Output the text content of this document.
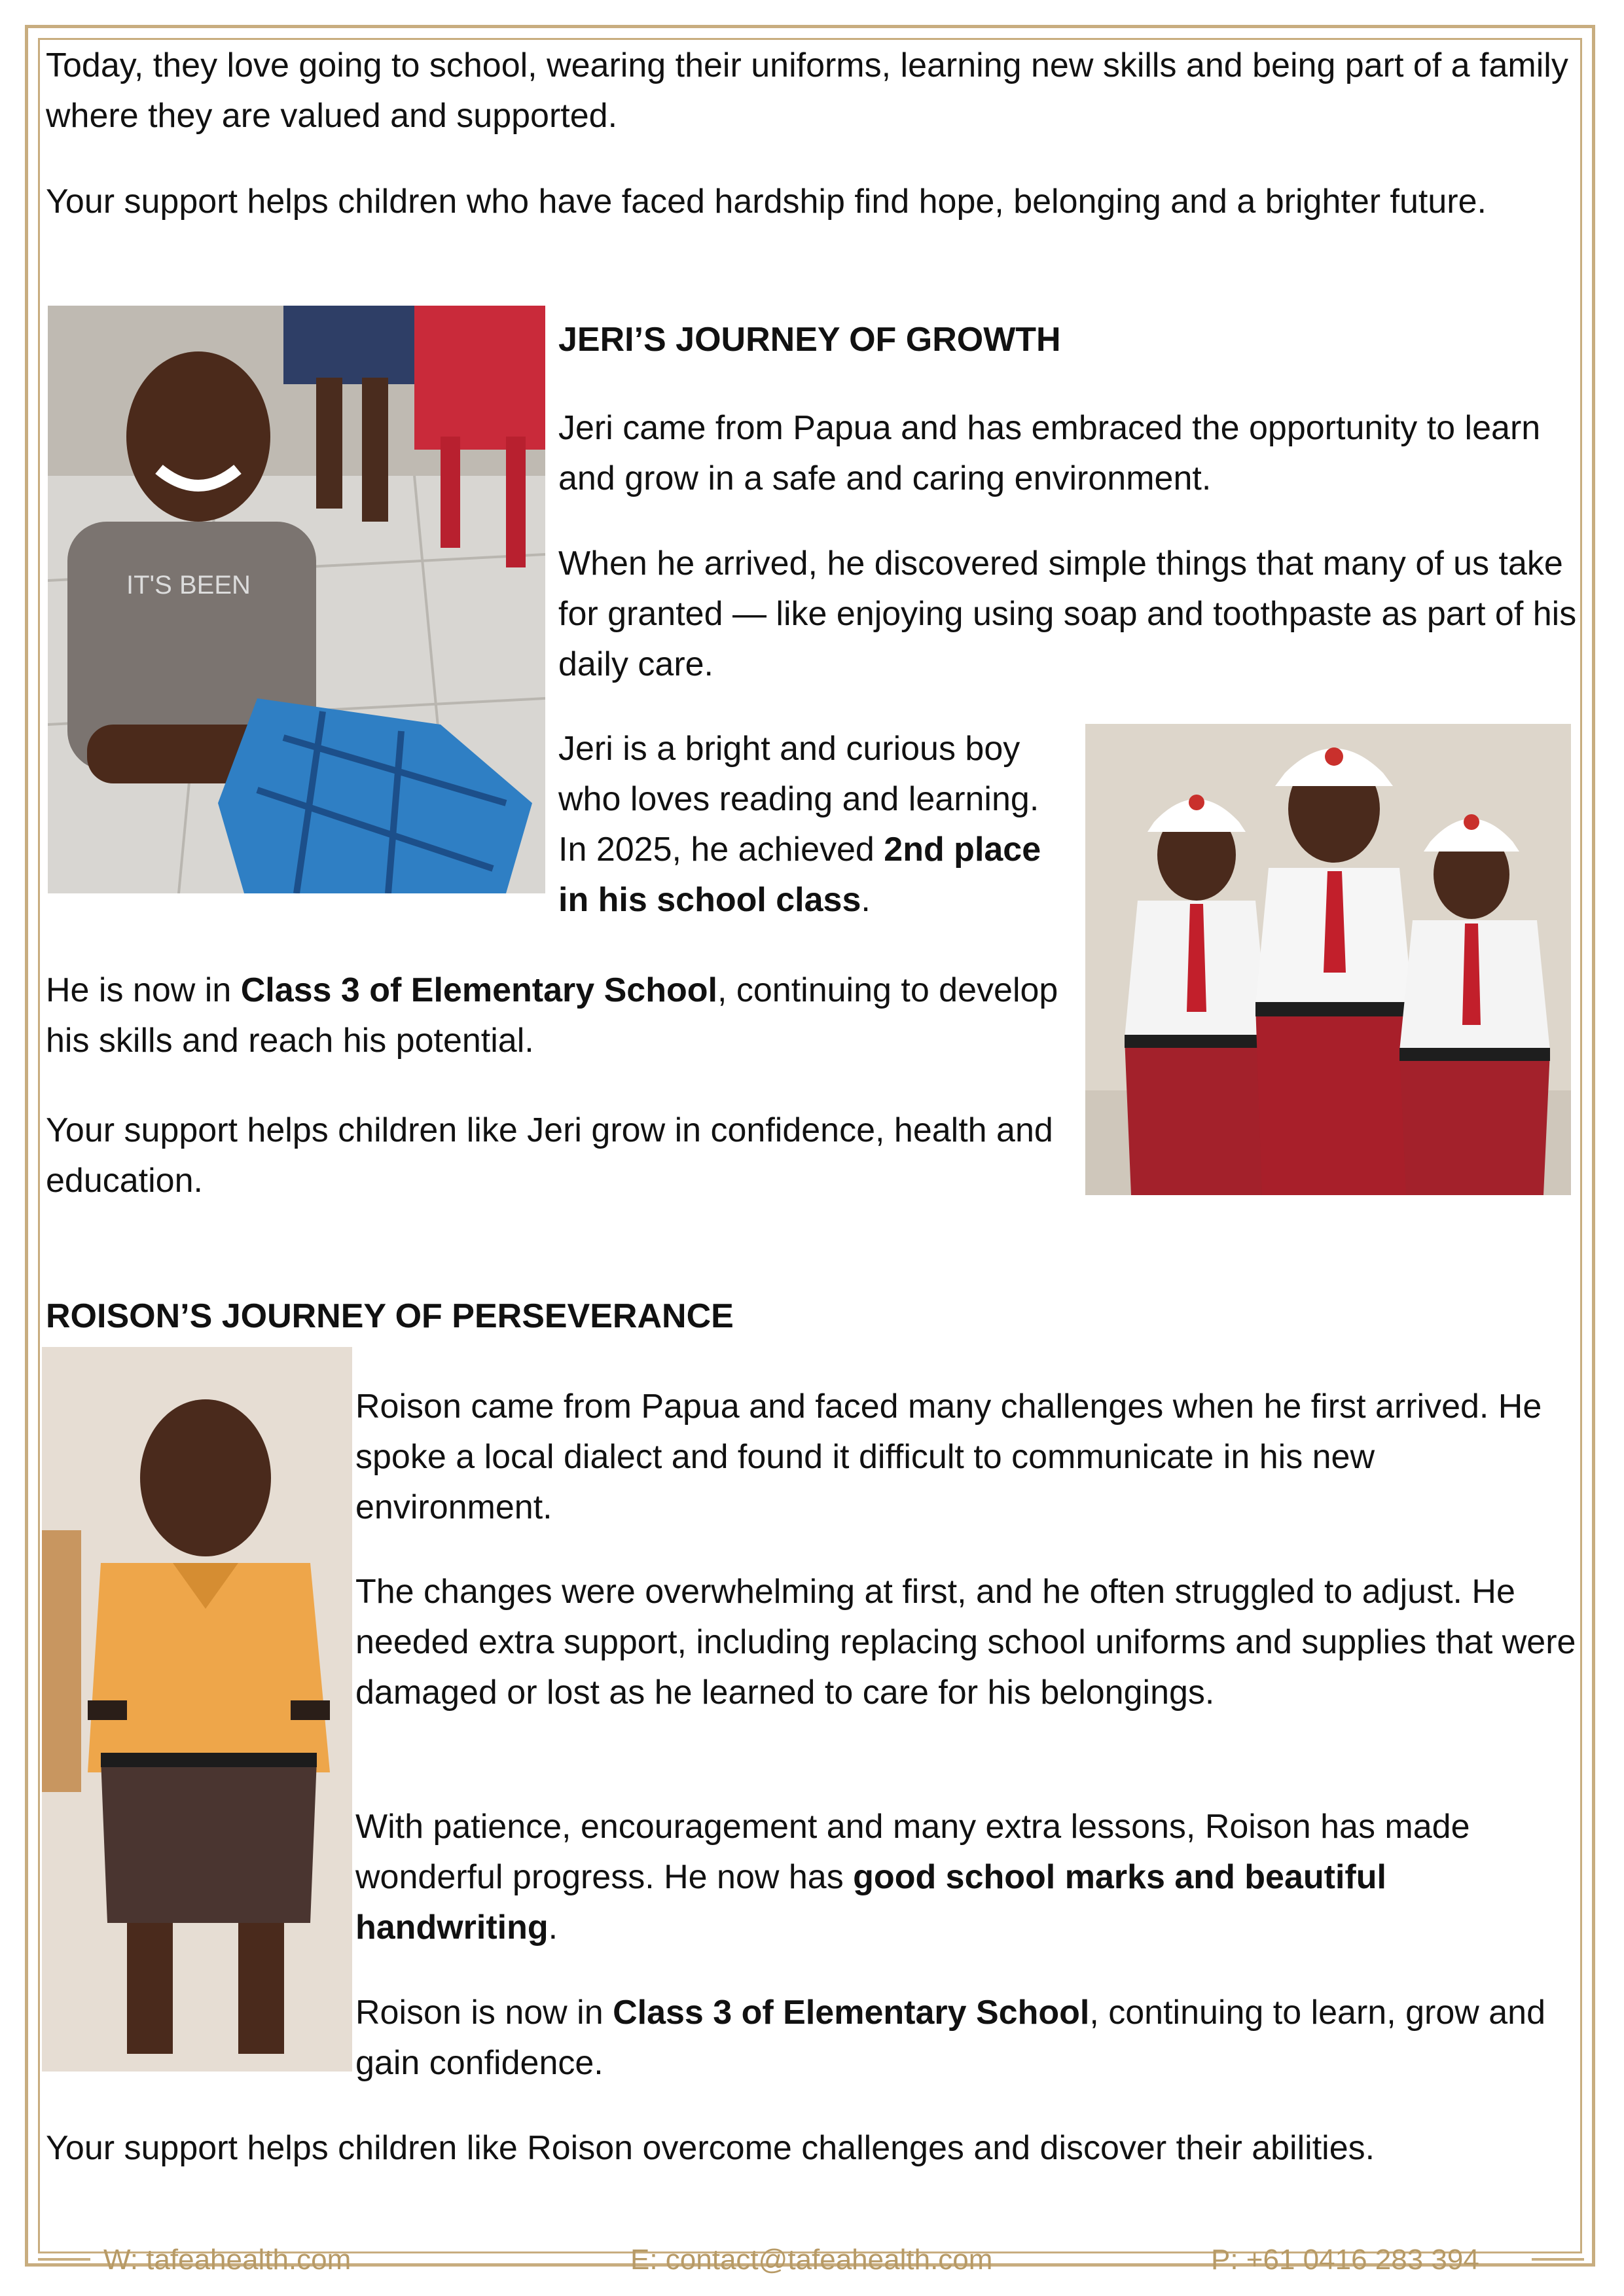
Today, they love going to school, wearing their uniforms, learning new skills and being part of a family where they are valued and supported.

Your support helps children who have faced hardship find hope, belonging and a brighter future.

IT'S BEEN
JERI’S JOURNEY OF GROWTH

Jeri came from Papua and has embraced the opportunity to learn and grow in a safe and caring environment.

When he arrived, he discovered simple things that many of us take for granted — like enjoying using soap and toothpaste as part of his daily care.

Jeri is a bright and curious boy who loves reading and learning. In 2025, he achieved 2nd place in his school class.

He is now in Class 3 of Elementary School, continuing to develop his skills and reach his potential.

Your support helps children like Jeri grow in confidence, health and education.

ROISON’S JOURNEY OF PERSEVERANCE

Roison came from Papua and faced many challenges when he first arrived. He spoke a local dialect and found it difficult to communicate in his new environment.

The changes were overwhelming at first, and he often struggled to adjust. He needed extra support, including replacing school uniforms and supplies that were damaged or lost as he learned to care for his belongings.

With patience, encouragement and many extra lessons, Roison has made wonderful progress. He now has good school marks and beautiful handwriting.

Roison is now in Class 3 of Elementary School, continuing to learn, grow and gain confidence.

Your support helps children like Roison overcome challenges and discover their abilities.

W: tafeahealth.com	E: contact@tafeahealth.com	P: +61 0416 283 394
